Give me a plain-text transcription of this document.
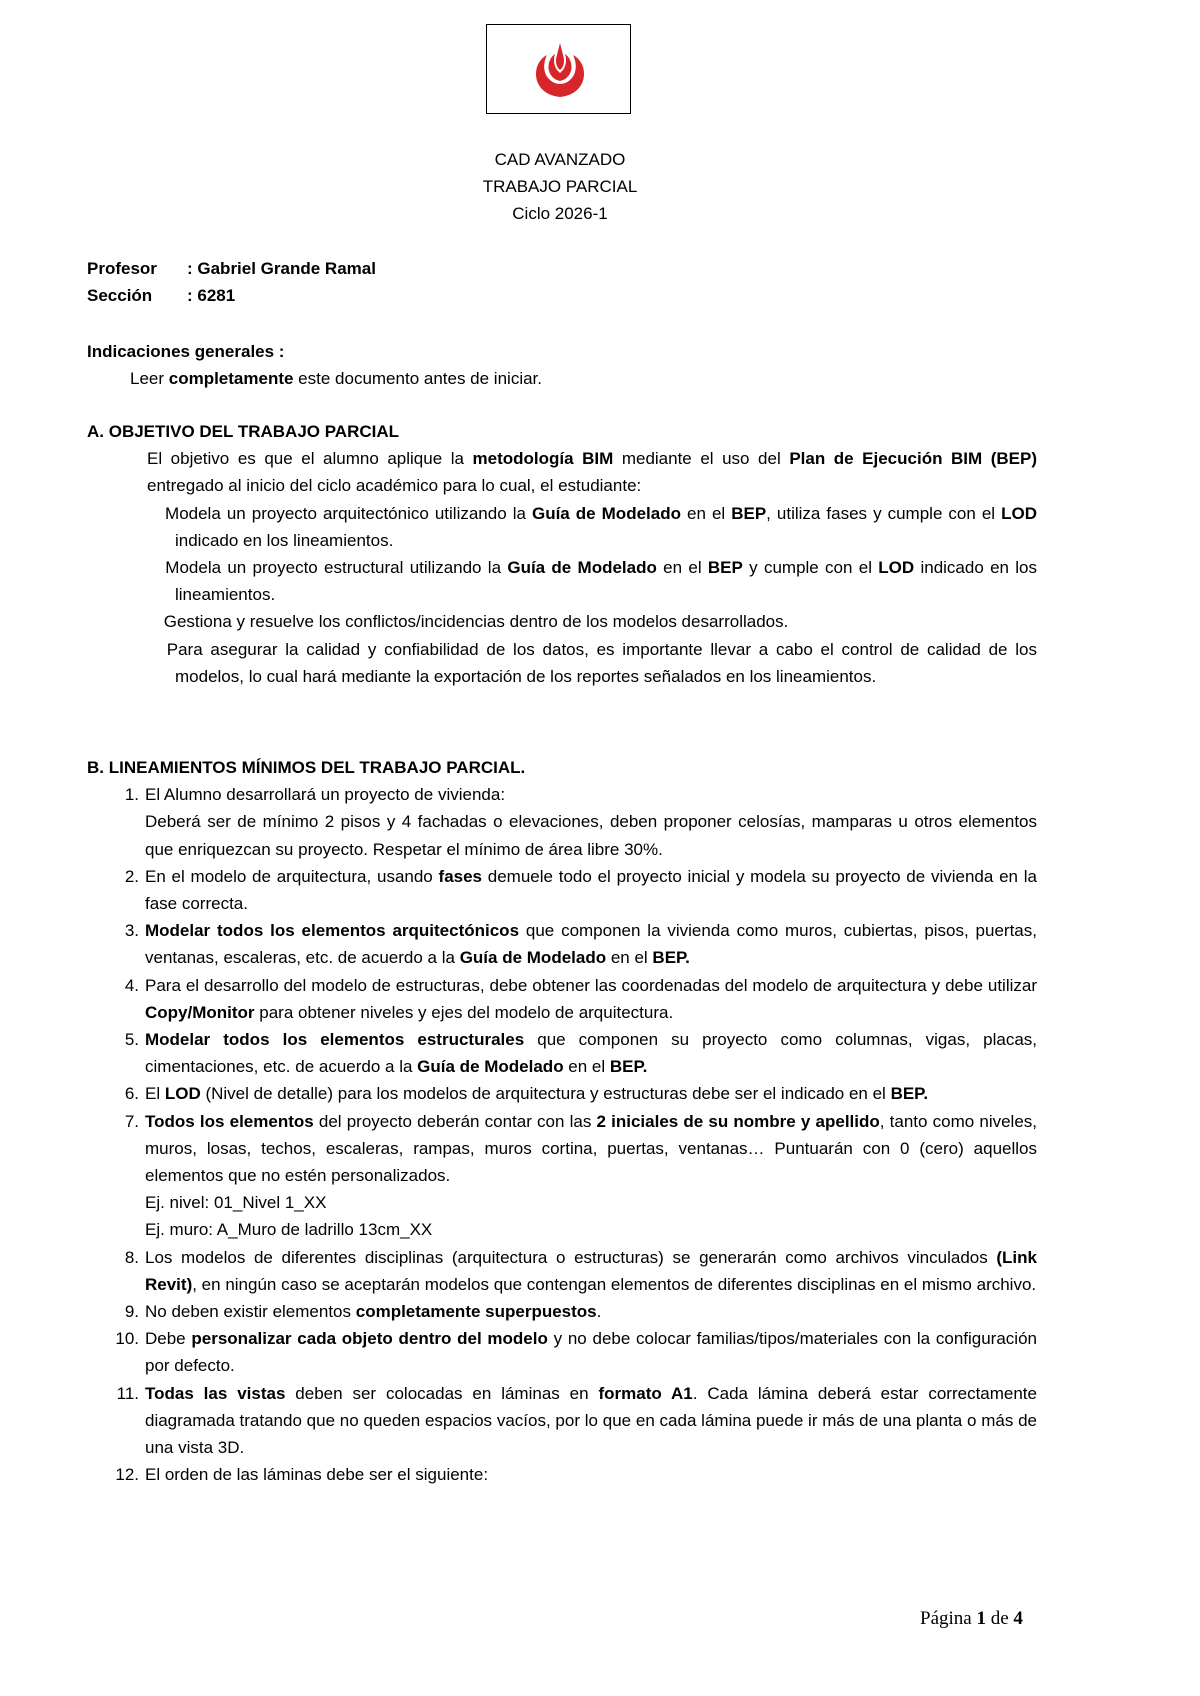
CAD AVANZADO
TRABAJO PARCIAL
Ciclo 2026-1
Profesor	: Gabriel Grande Ramal
Sección	: 6281
Indicaciones generales :
Leer completamente este documento antes de iniciar.
A. OBJETIVO DEL TRABAJO PARCIAL
El objetivo es que el alumno aplique la metodología BIM mediante el uso del Plan de Ejecución BIM (BEP) entregado al inicio del ciclo académico para lo cual, el estudiante:
Modela un proyecto arquitectónico utilizando la Guía de Modelado en el BEP, utiliza fases y cumple con el LOD indicado en los lineamientos.
Modela un proyecto estructural utilizando la Guía de Modelado en el BEP y cumple con el LOD indicado en los lineamientos.
Gestiona y resuelve los conflictos/incidencias dentro de los modelos desarrollados.
Para asegurar la calidad y confiabilidad de los datos, es importante llevar a cabo el control de calidad de los modelos, lo cual hará mediante la exportación de los reportes señalados en los lineamientos.
B. LINEAMIENTOS MÍNIMOS DEL TRABAJO PARCIAL.
1. El Alumno desarrollará un proyecto de vivienda:
Deberá ser de mínimo 2 pisos y 4 fachadas o elevaciones, deben proponer celosías, mamparas u otros elementos que enriquezcan su proyecto. Respetar el mínimo de área libre 30%.
2. En el modelo de arquitectura, usando fases demuele todo el proyecto inicial y modela su proyecto de vivienda en la fase correcta.
3. Modelar todos los elementos arquitectónicos que componen la vivienda como muros, cubiertas, pisos, puertas, ventanas, escaleras, etc. de acuerdo a la Guía de Modelado en el BEP.
4. Para el desarrollo del modelo de estructuras, debe obtener las coordenadas del modelo de arquitectura y debe utilizar Copy/Monitor para obtener niveles y ejes del modelo de arquitectura.
5. Modelar todos los elementos estructurales que componen su proyecto como columnas, vigas, placas, cimentaciones, etc. de acuerdo a la Guía de Modelado en el BEP.
6. El LOD (Nivel de detalle) para los modelos de arquitectura y estructuras debe ser el indicado en el BEP.
7. Todos los elementos del proyecto deberán contar con las 2 iniciales de su nombre y apellido, tanto como niveles, muros, losas, techos, escaleras, rampas, muros cortina, puertas, ventanas… Puntuarán con 0 (cero) aquellos elementos que no estén personalizados.
Ej. nivel: 01_Nivel 1_XX
Ej. muro: A_Muro de ladrillo 13cm_XX
8. Los modelos de diferentes disciplinas (arquitectura o estructuras) se generarán como archivos vinculados (Link Revit), en ningún caso se aceptarán modelos que contengan elementos de diferentes disciplinas en el mismo archivo.
9. No deben existir elementos completamente superpuestos.
10. Debe personalizar cada objeto dentro del modelo y no debe colocar familias/tipos/materiales con la configuración por defecto.
11. Todas las vistas deben ser colocadas en láminas en formato A1. Cada lámina deberá estar correctamente diagramada tratando que no queden espacios vacíos, por lo que en cada lámina puede ir más de una planta o más de una vista 3D.
12. El orden de las láminas debe ser el siguiente:
Página 1 de 4
